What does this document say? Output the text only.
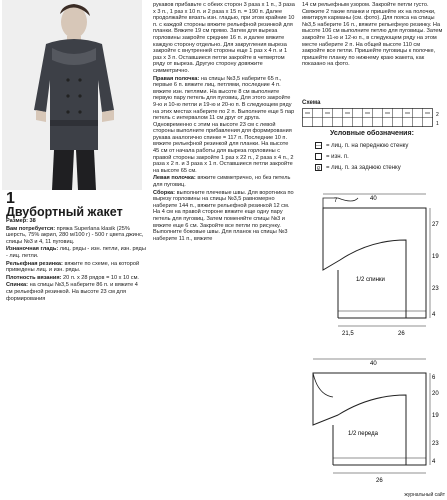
1
Двубортный жакет

Размер: 38

Вам потребуется: пряжа Superlana klasik (25% шерсть, 75% акрил, 280 м/100 г) - 500 г цвета джинс, спицы №3 и 4, 11 пуговиц.

Изнаночная гладь: лиц. ряды - изн. петли, изн. ряды - лиц. петли.

Рельефная резинка: вяжите по схеме, на которой приведены лиц. и изн. ряды.

Плотность вязания: 20 п. х 28 рядов = 10 х 10 см.

Спинка: на спицы №3,5 наберите 86 п. и вяжите 4 см рельефной резинкой. На высоте 23 см для формирования

рукавов прибавьте с обеих сторон 3 раза х 1 п., 3 раза х 3 п., 1 раз х 10 п. и 2 раза х 15 п. = 190 п. Далее продолжайте вязать изн. гладью, при этом крайние 10 п. с каждой стороны вяжите рельефной резинкой для планки. Вяжите 19 см прямо. Затем для выреза горловины закройте средние 16 п. и далее вяжите каждую сторону отдельно. Для закругления выреза закройте с внутренней стороны еще 1 раз х 4 п. и 1 раз х 3 п. Оставшиеся петли закройте в четвертом ряду от выреза. Другую сторону довяжите симметрично.

Правая полочка: на спицы №3,5 наберите 65 п., первые 6 п. вяжите лиц. петлями, последние 4 п. вяжите изн. петлями. На высоте 8 см выполните первую пару петель для пуговиц. Для этого закройте 9-ю и 10-ю петли и 19-ю и 20-ю п. В следующем ряду на этих местах наберите по 2 п. Выполните еще 5 пар петель с интервалом 11 см друг от друга. Одновременно с этим на высоте 23 см с левой стороны выполните прибавления для формирования рукава аналогично спинке = 117 п. Последние 10 п. вяжите рельефной резинкой для планки. На высоте 45 см от начала работы для выреза горловины с правой стороны закройте 1 раз х 22 п., 2 раза х 4 п., 2 раза х 2 п. и 3 раза х 1 п. Оставшиеся петли закройте на высоте 65 см.

Левая полочка: вяжите симметрично, но без петель для пуговиц.

Сборка: выполните плечевые швы. Для воротника по вырезу горловины на спицы №3,5 равномерно наберите 144 п., вяжите рельефной резинкой 12 см. На 4 см на правой стороне вяжите еще одну пару петель для пуговиц. Затем поменяйте спицы №3 и вяжите еще 6 см. Закройте все петли по рисунку. Выполните боковые швы. Для планок на спицы №3 наберите 11 п., вяжите

14 см рельефным узором. Закройте петли густо. Свяжите 2 такие планки и пришейте их на полочки, имитируя карманы (см. фото). Для пояса на спицы №3,5 наберите 16 п., вяжите рельефную резинку. На высоте 106 см выполните петлю для пуговицы. Затем закройте 11-ю и 12-ю п., в следующем ряду на этом месте наберите 2 п. На общей высоте 110 см закройте все петли. Пришейте пуговицы к полочке, пришейте планку по нижнему краю жакета, как показано на фото.

Схема
2
1
Условные обозначения:
— = лиц. п. на переднюю стенку
= изн. п.
ϱ	= лиц. п. за заднюю стенку
7	40
27
19
23
4
21,5	26
1/2 спинки
40
6
20
19
23
4
26
1/2 переда
журнальный сайт
